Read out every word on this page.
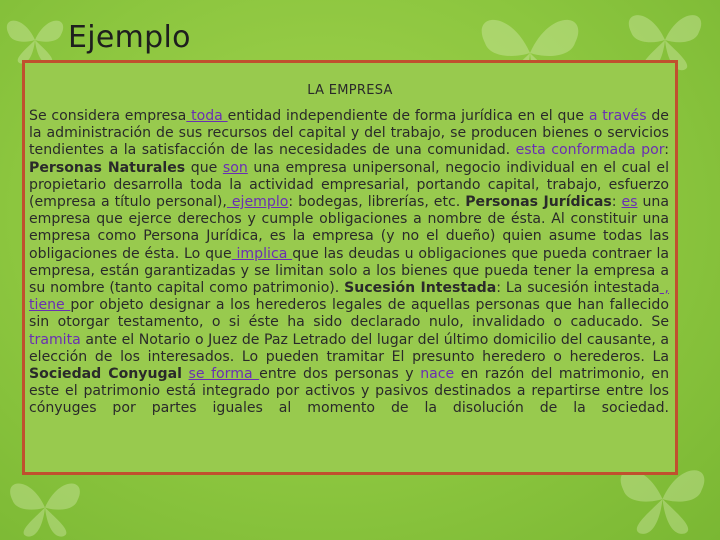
Ejemplo
LA EMPRESA

Se considera empresa toda entidad independiente de forma jurídica en el que a través de la administración de sus recursos del capital y del trabajo, se producen bienes o servicios tendientes a la satisfacción de las necesidades de una comunidad. esta conformada por: Personas Naturales que son una empresa unipersonal, negocio individual en el cual el propietario desarrolla toda la actividad empresarial, portando capital, trabajo, esfuerzo (empresa a título personal), ejemplo: bodegas, librerías, etc. Personas Jurídicas: es una empresa que ejerce derechos y cumple obligaciones a nombre de ésta. Al constituir una empresa como Persona Jurídica, es la empresa (y no el dueño) quien asume todas las obligaciones de ésta. Lo que implica que las deudas u obligaciones que pueda contraer la empresa, están garantizadas y se limitan solo a los bienes que pueda tener la empresa a su nombre (tanto capital como patrimonio). Sucesión Intestada: La sucesión intestada , tiene por objeto designar a los herederos legales de aquellas personas que han fallecido sin otorgar testamento, o si éste ha sido declarado nulo, invalidado o caducado. Se tramita ante el Notario o Juez de Paz Letrado del lugar del último domicilio del causante, a elección de los interesados. Lo pueden tramitar El presunto heredero o herederos. La Sociedad Conyugal se forma entre dos personas y nace en razón del matrimonio, en este el patrimonio está integrado por activos y pasivos destinados a repartirse entre los cónyuges por partes iguales al momento de la disolución de la sociedad.
